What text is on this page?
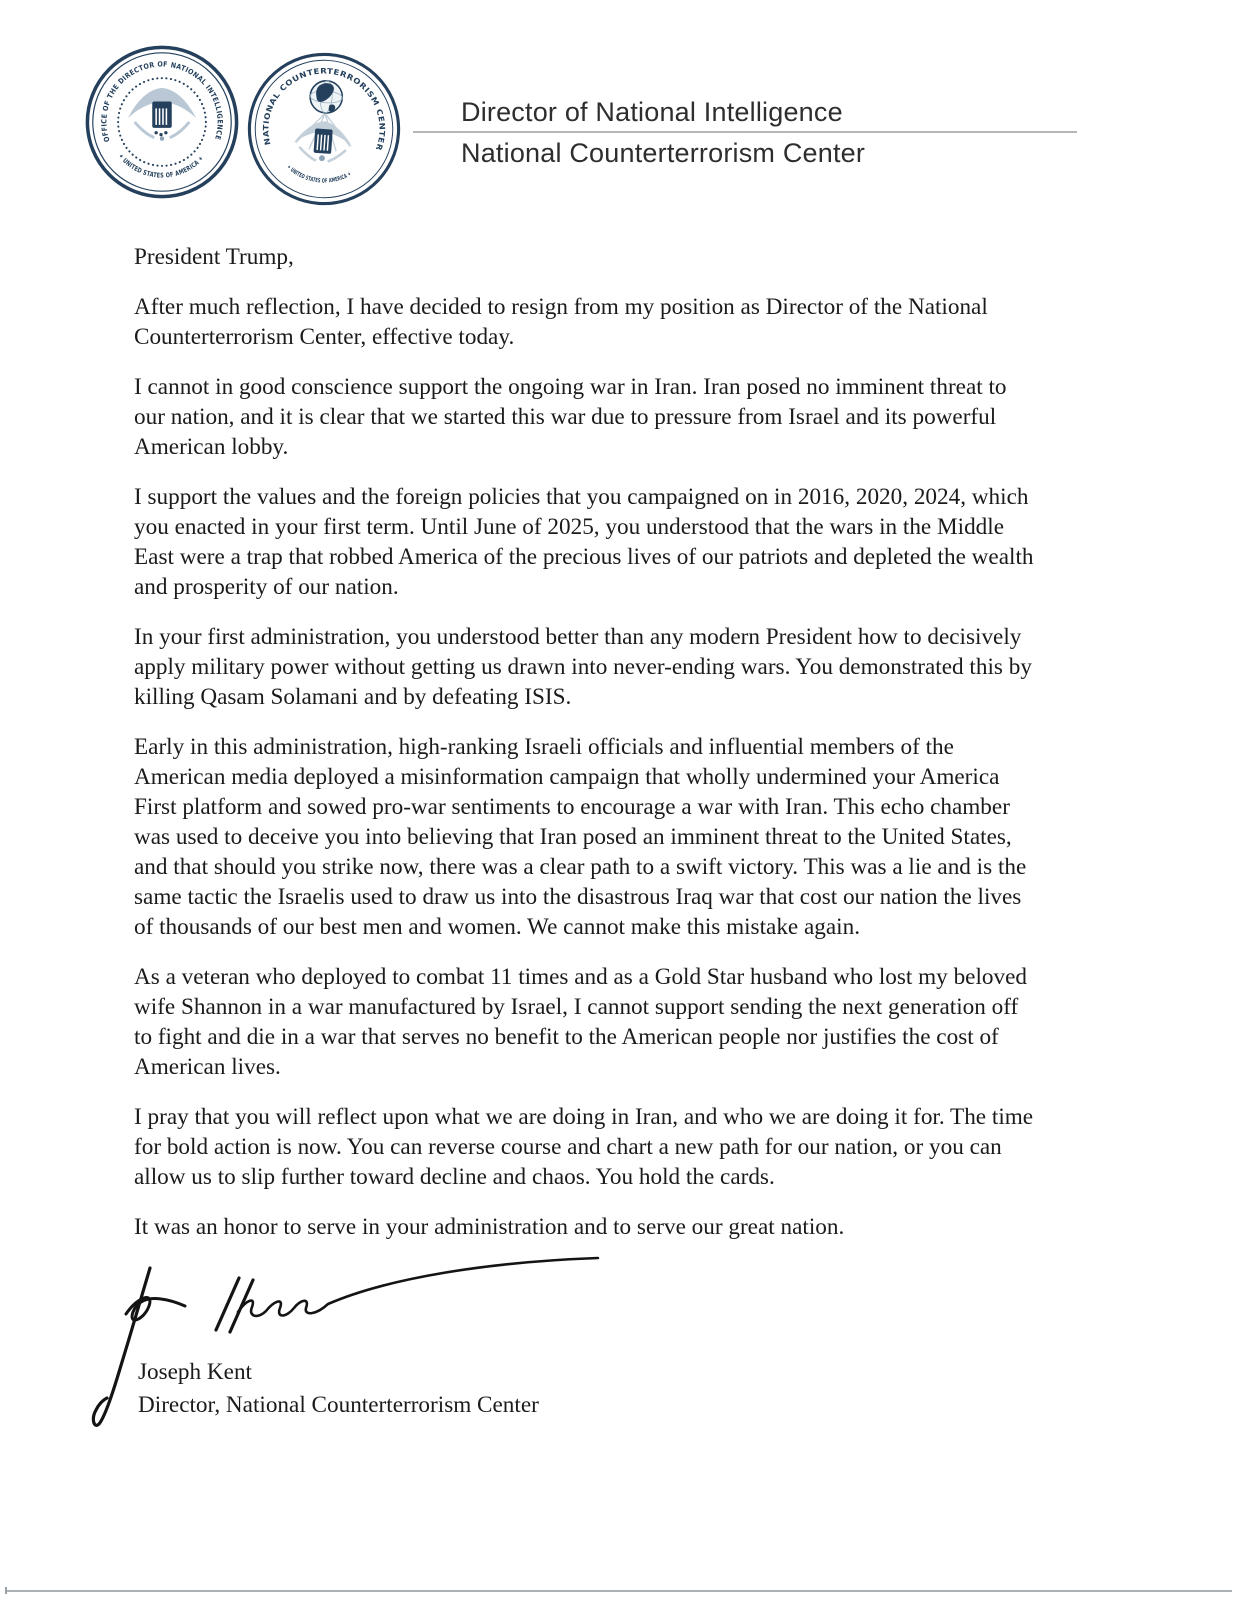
OFFICE OF THE DIRECTOR OF NATIONAL INTELLIGENCE
✦ UNITED STATES OF AMERICA ✦
NATIONAL COUNTERTERRORISM CENTER
✦ UNITED STATES OF AMERICA ✦
Director of National Intelligence
National Counterterrorism Center
President Trump,
After much reflection, I have decided to resign from my position as Director of the National
Counterterrorism Center, effective today.
I cannot in good conscience support the ongoing war in Iran. Iran posed no imminent threat to
our nation, and it is clear that we started this war due to pressure from Israel and its powerful
American lobby.
I support the values and the foreign policies that you campaigned on in 2016, 2020, 2024, which
you enacted in your first term. Until June of 2025, you understood that the wars in the Middle
East were a trap that robbed America of the precious lives of our patriots and depleted the wealth
and prosperity of our nation.
In your first administration, you understood better than any modern President how to decisively
apply military power without getting us drawn into never-ending wars. You demonstrated this by
killing Qasam Solamani and by defeating ISIS.
Early in this administration, high-ranking Israeli officials and influential members of the
American media deployed a misinformation campaign that wholly undermined your America
First platform and sowed pro-war sentiments to encourage a war with Iran. This echo chamber
was used to deceive you into believing that Iran posed an imminent threat to the United States,
and that should you strike now, there was a clear path to a swift victory. This was a lie and is the
same tactic the Israelis used to draw us into the disastrous Iraq war that cost our nation the lives
of thousands of our best men and women. We cannot make this mistake again.
As a veteran who deployed to combat 11 times and as a Gold Star husband who lost my beloved
wife Shannon in a war manufactured by Israel, I cannot support sending the next generation off
to fight and die in a war that serves no benefit to the American people nor justifies the cost of
American lives.
I pray that you will reflect upon what we are doing in Iran, and who we are doing it for. The time
for bold action is now. You can reverse course and chart a new path for our nation, or you can
allow us to slip further toward decline and chaos. You hold the cards.
It was an honor to serve in your administration and to serve our great nation.
Joseph Kent
Director, National Counterterrorism Center
